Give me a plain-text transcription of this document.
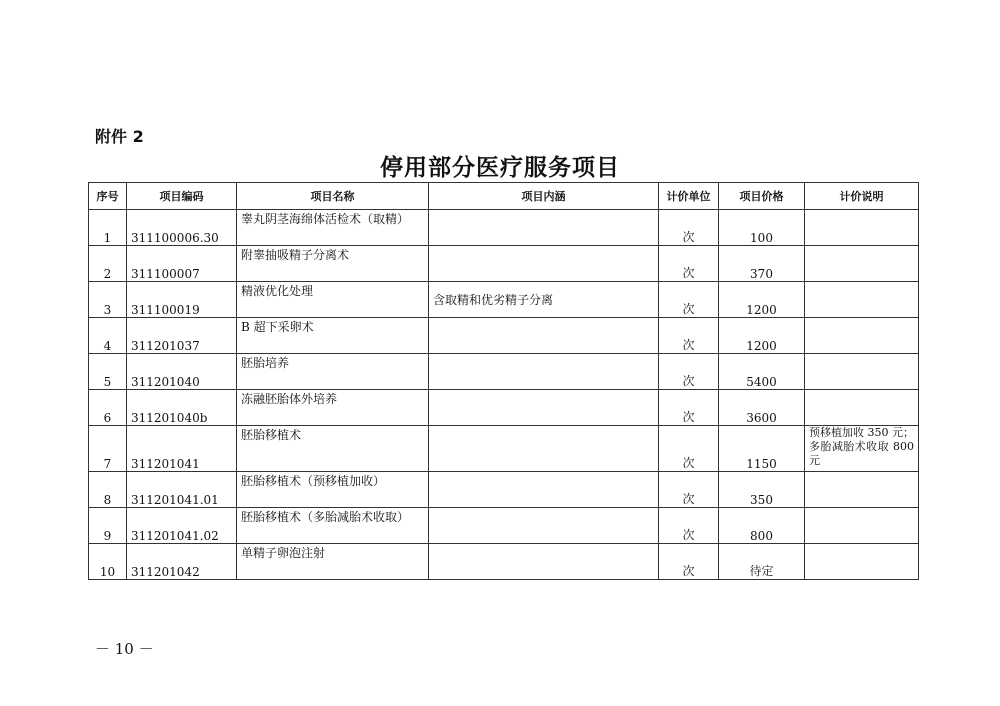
附件 2
停用部分医疗服务项目
序号	项目编码	项目名称	项目内涵	计价单位	项目价格	计价说明
1	311100006.30	睾丸阴茎海绵体活检术（取精）		次	100	
2	311100007	附睾抽吸精子分离术		次	370	
3	311100019	精液优化处理	含取精和优劣精子分离	次	1200	
4	311201037	B 超下采卵术		次	1200	
5	311201040	胚胎培养		次	5400	
6	311201040b	冻融胚胎体外培养		次	3600	
7	311201041	胚胎移植术		次	1150	预移植加收 350 元；多胎减胎术收取 800 元
8	311201041.01	胚胎移植术（预移植加收）		次	350	
9	311201041.02	胚胎移植术（多胎减胎术收取）		次	800	
10	311201042	单精子卵泡注射		次	待定	
－ 10 －
